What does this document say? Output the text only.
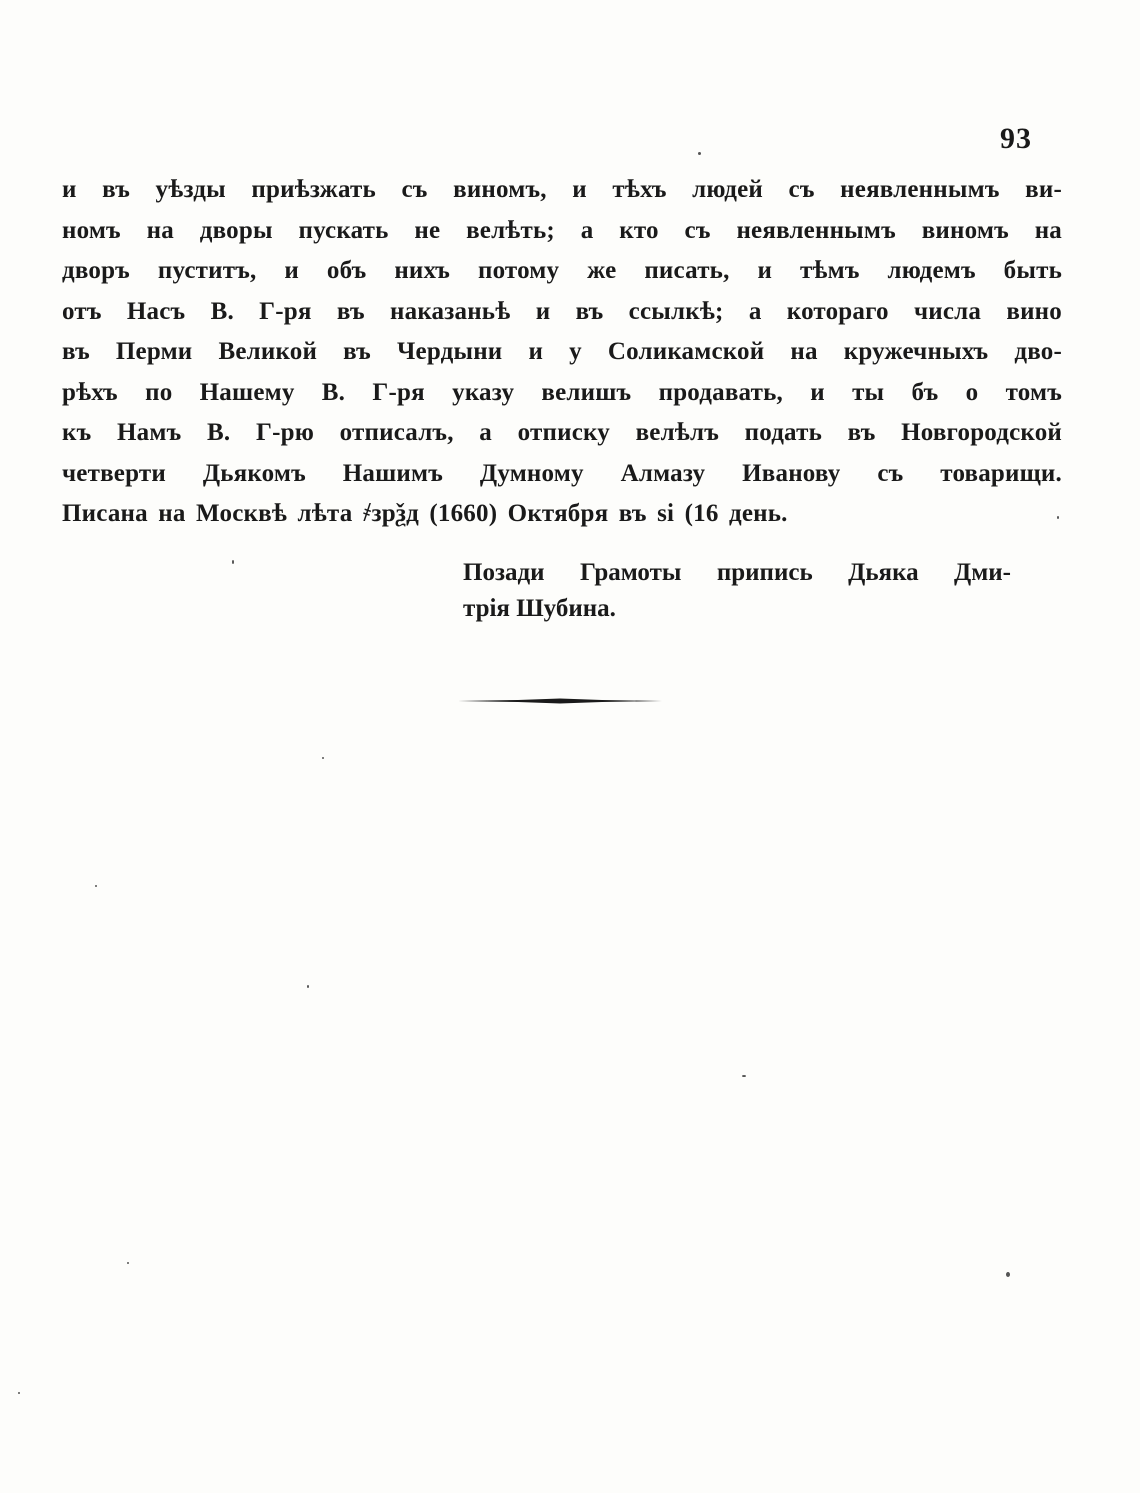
93
и въ уѣзды приѣзжать съ виномъ, и тѣхъ людей съ неявленнымъ ви-
номъ на дворы пускать не велѣть; а кто съ неявленнымъ виномъ на
дворъ пуститъ, и объ нихъ потому же писать, и тѣмъ людемъ быть
отъ Насъ В. Г-ря въ наказаньѣ и въ ссылкѣ; а котораго числа вино
въ Перми Великой въ Чердыни и у Соликамской на кружечныхъ дво-
рѣхъ по Нашему В. Г-ря указу велишъ продавать, и ты бъ о томъ
къ Намъ В. Г-рю отписалъ, а отписку велѣлъ подать въ Новгородской
четверти Дьякомъ Нашимъ Думному Алмазу Иванову съ товарищи.
Писана на Москвѣ лѣта ҂зрѯд (1660) Октября въ ѕі (16 день.
Позади Грамоты припись Дьяка Дми-
трія Шубина.
